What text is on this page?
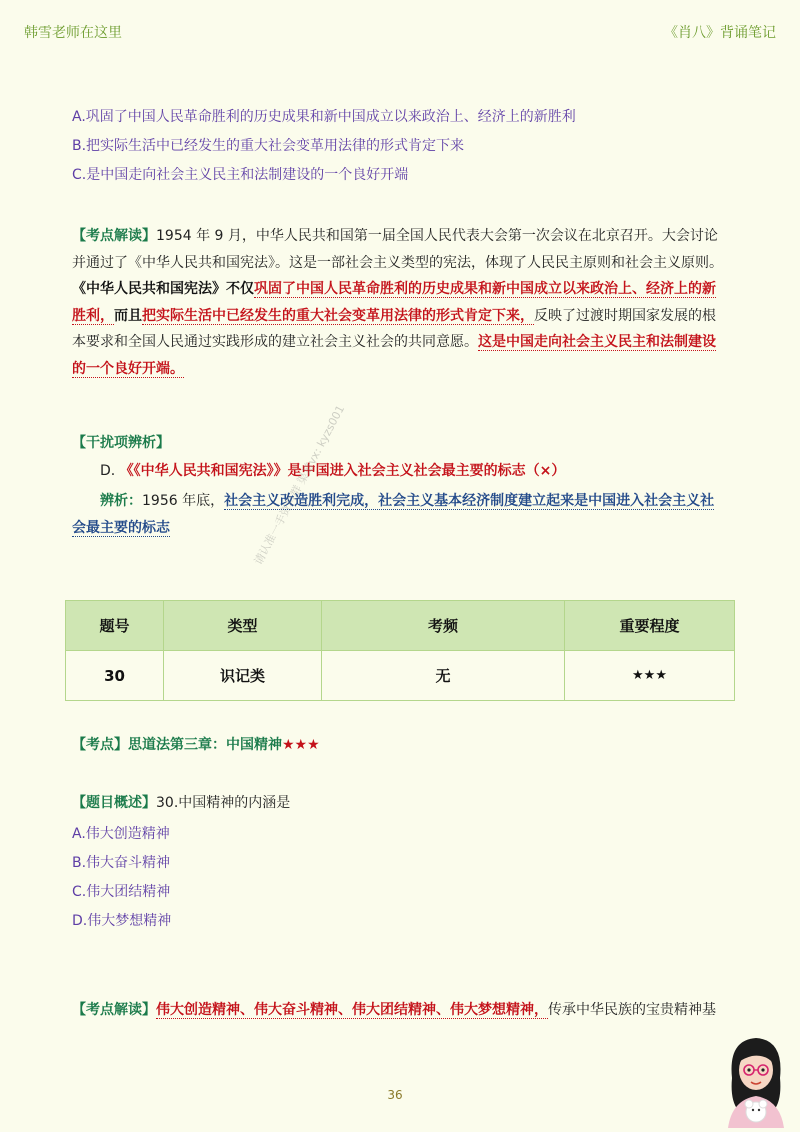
韩雪老师在这里	《肖八》背诵笔记
A.巩固了中国人民革命胜利的历史成果和新中国成立以来政治上、经济上的新胜利
B.把实际生活中已经发生的重大社会变革用法律的形式肯定下来
C.是中国走向社会主义民主和法制建设的一个良好开端
【考点解读】1954 年 9 月，中华人民共和国第一届全国人民代表大会第一次会议在北京召开。大会讨论并通过了《中华人民共和国宪法》。这是一部社会主义类型的宪法，体现了人民民主原则和社会主义原则。《中华人民共和国宪法》不仅巩固了中国人民革命胜利的历史成果和新中国成立以来政治上、经济上的新胜利，而且把实际生活中已经发生的重大社会变革用法律的形式肯定下来，反映了过渡时期国家发展的根本要求和全国人民通过实践形成的建立社会主义社会的共同意愿。这是中国走向社会主义民主和法制建设的一个良好开端。
【干扰项辨析】
D. 《《中华人民共和国宪法》》是中国进入社会主义社会最主要的标志（×）
辨析：1956 年底，社会主义改造胜利完成，社会主义基本经济制度建立起来是中国进入社会主义社会最主要的标志
题号	类型	考频	重要程度
30	识记类	无	★★★
【考点】思道法第三章：中国精神★★★
【题目概述】30.中国精神的内涵是
A.伟大创造精神
B.伟大奋斗精神
C.伟大团结精神
D.伟大梦想精神
【考点解读】伟大创造精神、伟大奋斗精神、伟大团结精神、伟大梦想精神，传承中华民族的宝贵精神基
请认准一手资料群 渠道vx: kyzs001
36
